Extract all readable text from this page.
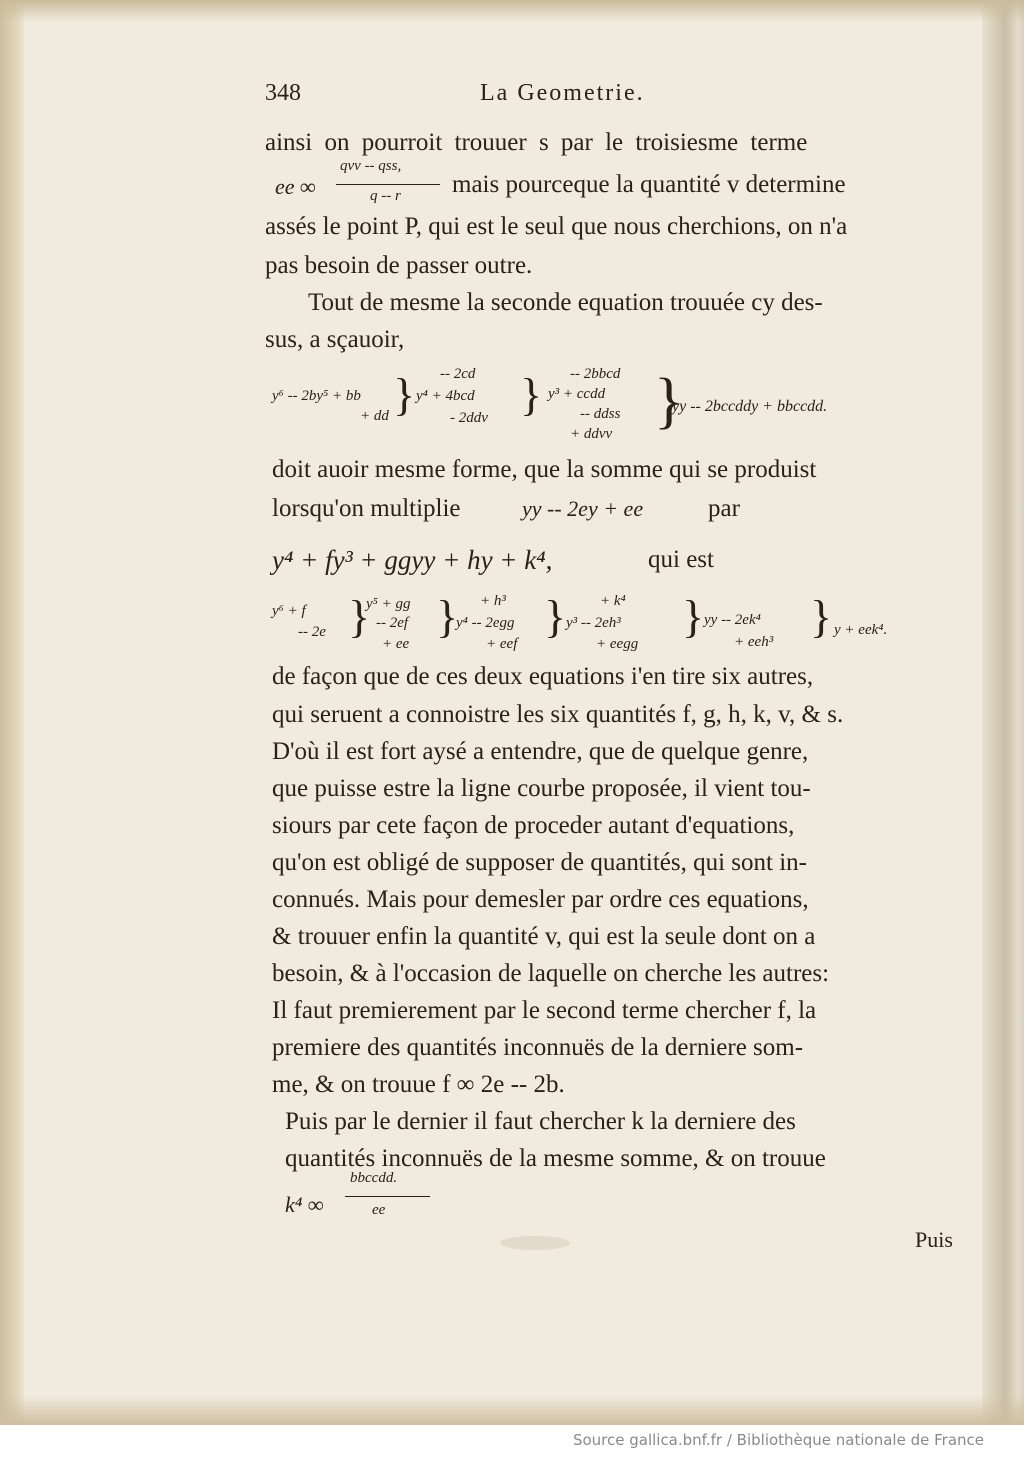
348	La Geometrie.
ainsi on pourroit trouuer s par le troisiesme terme
ee ∞
qvv -- qss,
q -- r mais pourceque la quantité v determine
assés le point P, qui est le seul que nous cherchions, on n'a
pas besoin de passer outre.
Tout de mesme la seconde equation trouuée cy des-
sus, a sçauoir,
y⁶ -- 2by⁵ + bb
+ dd } -- 2cd
y⁴ + 4bcd
- 2ddv } -- 2bbcd
y³ + ccdd
-- ddss
+ ddvv }
yy -- 2bccddy + bbccdd.
doit auoir mesme forme, que la somme qui se produist
lorsqu'on multiplie	yy -- 2ey + ee	par
y⁴ + fy³ + ggyy + hy + k⁴,	qui est
y⁶ + f
-- 2e }
y⁵ + gg
-- 2ef
+ ee
} + h³
y⁴ -- 2egg
+ eef
} + k⁴
y³ -- 2eh³
+ eegg
} yy -- 2ek⁴
+ eeh³ } y + eek⁴.
de façon que de ces deux equations i'en tire six autres,
qui seruent a connoistre les six quantités f, g, h, k, v, & s.
D'où il est fort aysé a entendre, que de quelque genre,
que puisse estre la ligne courbe proposée, il vient tou-
siours par cete façon de proceder autant d'equations,
qu'on est obligé de supposer de quantités, qui sont in-
connués. Mais pour demesler par ordre ces equations,
& trouuer enfin la quantité v, qui est la seule dont on a
besoin, & à l'occasion de laquelle on cherche les autres:
Il faut premierement par le second terme chercher f, la
premiere des quantités inconnuës de la derniere som-
me, & on trouue f ∞ 2e -- 2b.
Puis par le dernier il faut chercher k la derniere des
quantités inconnuës de la mesme somme, & on trouue
k⁴ ∞
bbccdd.
ee
Puis
Source gallica.bnf.fr / Bibliothèque nationale de France
